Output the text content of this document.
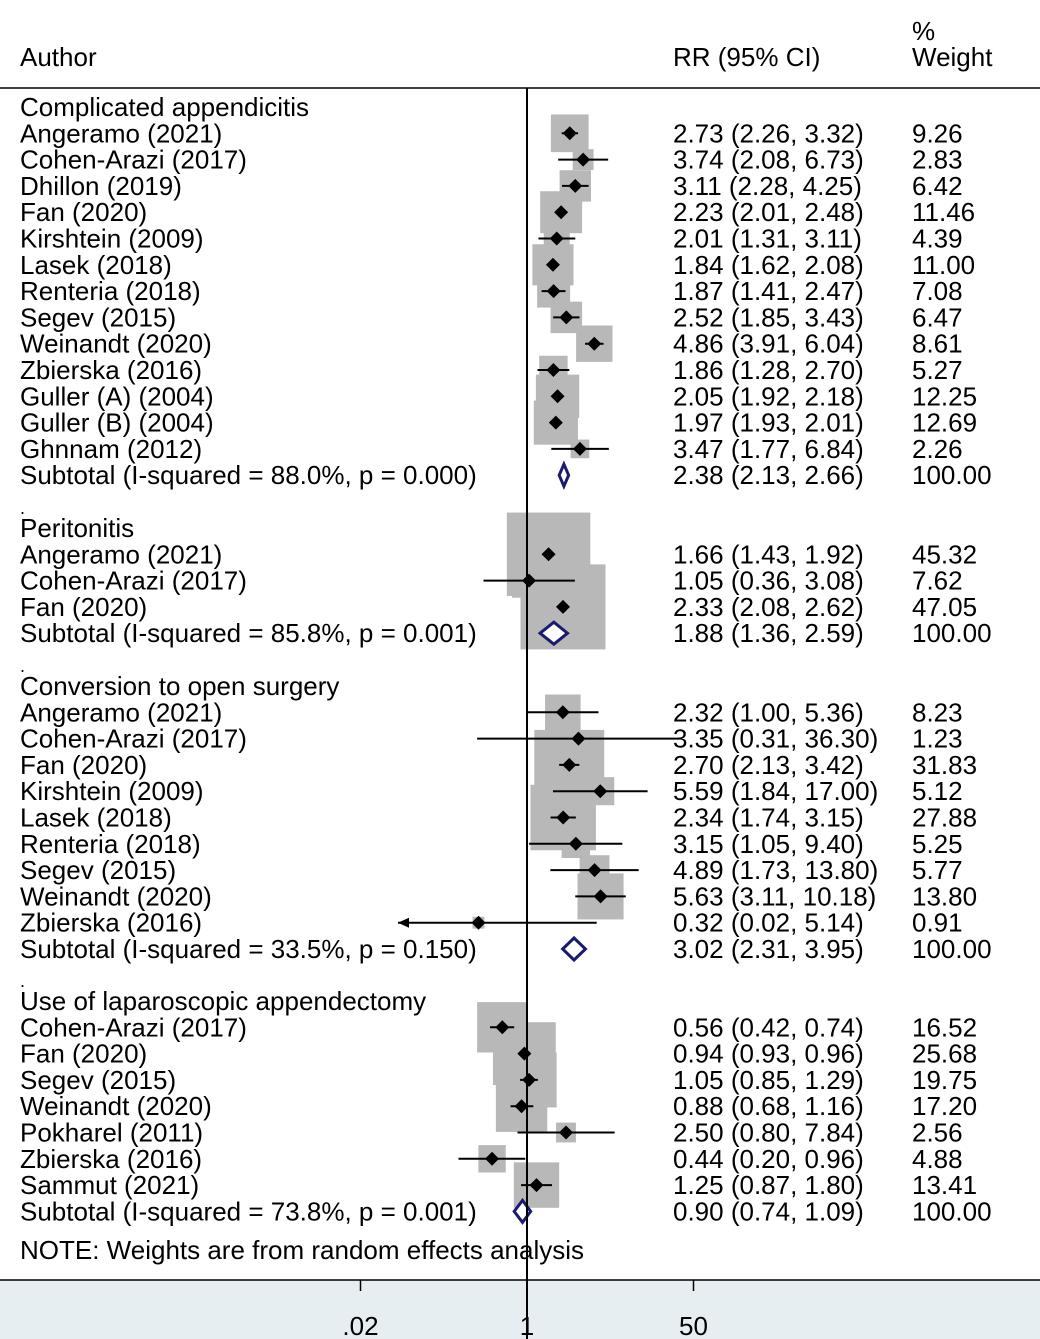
Author	RR (95% CI)
%
Weight
Complicated appendicitis
Angeramo (2021)	2.73 (2.26, 3.32) 9.26
Cohen-Arazi (2017)	3.74 (2.08, 6.73) 2.83
Dhillon (2019)	3.11 (2.28, 4.25) 6.42
Fan (2020)	2.23 (2.01, 2.48) 11.46
Kirshtein (2009)	2.01 (1.31, 3.11) 4.39
Lasek (2018)	1.84 (1.62, 2.08) 11.00
Renteria (2018)	1.87 (1.41, 2.47) 7.08
Segev (2015)	2.52 (1.85, 3.43) 6.47
Weinandt (2020)	4.86 (3.91, 6.04) 8.61
Zbierska (2016)	1.86 (1.28, 2.70) 5.27
Guller (A) (2004)	2.05 (1.92, 2.18) 12.25
Guller (B) (2004)	1.97 (1.93, 2.01) 12.69
Ghnnam (2012)	3.47 (1.77, 6.84) 2.26
Subtotal (I-squared = 88.0%, p = 0.000)	2.38 (2.13, 2.66) 100.00
.
Peritonitis
Angeramo (2021)	1.66 (1.43, 1.92) 45.32
Cohen-Arazi (2017)	1.05 (0.36, 3.08) 7.62
Fan (2020)	2.33 (2.08, 2.62) 47.05
Subtotal (I-squared = 85.8%, p = 0.001)	1.88 (1.36, 2.59) 100.00
.
Conversion to open surgery
Angeramo (2021)	2.32 (1.00, 5.36) 8.23
Cohen-Arazi (2017)	3.35 (0.31, 36.30) 1.23
Fan (2020)	2.70 (2.13, 3.42) 31.83
Kirshtein (2009)	5.59 (1.84, 17.00) 5.12
Lasek (2018)	2.34 (1.74, 3.15) 27.88
Renteria (2018)	3.15 (1.05, 9.40) 5.25
Segev (2015)	4.89 (1.73, 13.80) 5.77
Weinandt (2020)	5.63 (3.11, 10.18) 13.80
Zbierska (2016)	0.32 (0.02, 5.14) 0.91
Subtotal (I-squared = 33.5%, p = 0.150)	3.02 (2.31, 3.95) 100.00
.
Use of laparoscopic appendectomy
Cohen-Arazi (2017)	0.56 (0.42, 0.74) 16.52
Fan (2020)	0.94 (0.93, 0.96) 25.68
Segev (2015)	1.05 (0.85, 1.29) 19.75
Weinandt (2020)	0.88 (0.68, 1.16) 17.20
Pokharel (2011)	2.50 (0.80, 7.84) 2.56
Zbierska (2016)	0.44 (0.20, 0.96) 4.88
Sammut (2021)	1.25 (0.87, 1.80) 13.41
Subtotal (I-squared = 73.8%, p = 0.001)	0.90 (0.74, 1.09) 100.00
NOTE: Weights are from random effects analysis
.02	1	50
